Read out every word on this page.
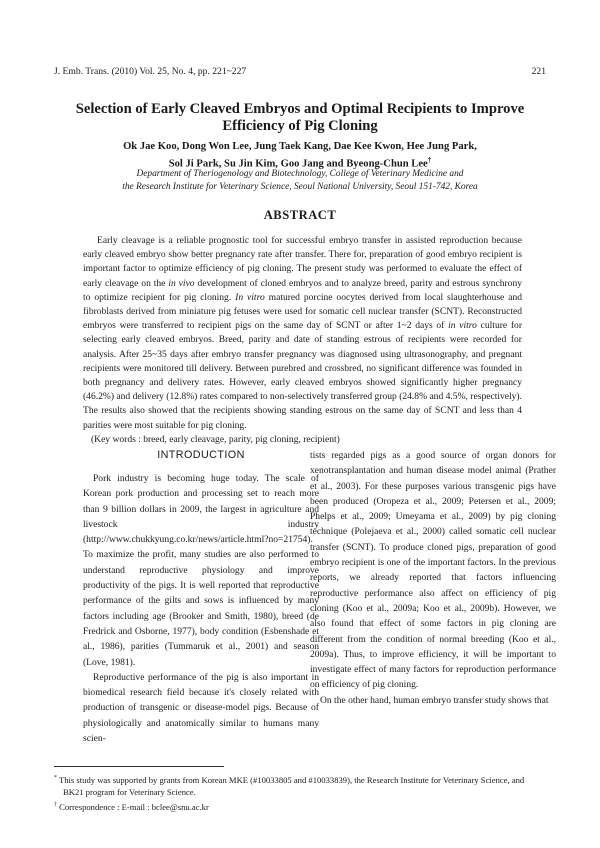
J. Emb. Trans. (2010) Vol. 25, No. 4, pp. 221~227	221
Selection of Early Cleaved Embryos and Optimal Recipients to Improve
Efficiency of Pig Cloning
Ok Jae Koo, Dong Won Lee, Jung Taek Kang, Dae Kee Kwon, Hee Jung Park,
Sol Ji Park, Su Jin Kim, Goo Jang and Byeong-Chun Lee†
Department of Theriogenology and Biotechnology, College of Veterinary Medicine and
the Research Institute for Veterinary Science, Seoul National University, Seoul 151-742, Korea
ABSTRACT

Early cleavage is a reliable prognostic tool for successful embryo transfer in assisted reproduction because early cleaved embryo show better pregnancy rate after transfer. There for, preparation of good embryo recipient is important factor to optimize efficiency of pig cloning. The present study was performed to evaluate the effect of early cleavage on the in vivo development of cloned embryos and to analyze breed, parity and estrous synchrony to optimize recipient for pig cloning. In vitro matured porcine oocytes derived from local slaughterhouse and fibroblasts derived from miniature pig fetuses were used for somatic cell nuclear transfer (SCNT). Reconstructed embryos were transferred to recipient pigs on the same day of SCNT or after 1~2 days of in vitro culture for selecting early cleaved embryos. Breed, parity and date of standing estrous of recipients were recorded for analysis. After 25~35 days after embryo transfer pregnancy was diagnosed using ultrasonography, and pregnant recipients were monitored till delivery. Between purebred and crossbred, no significant difference was founded in both pregnancy and delivery rates. However, early cleaved embryos showed significantly higher pregnancy (46.2%) and delivery (12.8%) rates compared to non-selectively transferred group (24.8% and 4.5%, respectively). The results also showed that the recipients showing standing estrous on the same day of SCNT and less than 4 parities were most suitable for pig cloning.

(Key words : breed, early cleavage, parity, pig cloning, recipient)

INTRODUCTION

Pork industry is becoming huge today. The scale of Korean pork production and processing set to reach more than 9 billion dollars in 2009, the largest in agriculture and livestock industry (http://www.chukkyung.co.kr/news/article.html?no=21754). To maximize the profit, many studies are also performed to understand reproductive physiology and improve productivity of the pigs. It is well reported that reproductive performance of the gilts and sows is influenced by many factors including age (Brooker and Smith, 1980), breed (de Fredrick and Osborne, 1977), body condition (Esbenshade et al., 1986), parities (Tummaruk et al., 2001) and season (Love, 1981).

Reproductive performance of the pig is also important in biomedical research field because it's closely related with production of transgenic or disease-model pigs. Because of physiologically and anatomically similar to humans many scien-

tists regarded pigs as a good source of organ donors for xenotransplantation and human disease model animal (Prather et al., 2003). For these purposes various transgenic pigs have been produced (Oropeza et al., 2009; Petersen et al., 2009; Phelps et al., 2009; Umeyama et al., 2009) by pig cloning technique (Polejaeva et al., 2000) called somatic cell nuclear transfer (SCNT). To produce cloned pigs, preparation of good embryo recipient is one of the important factors. In the previous reports, we already reported that factors influencing reproductive performance also affect on efficiency of pig cloning (Koo et al., 2009a; Koo et al., 2009b). However, we also found that effect of some factors in pig cloning are different from the condition of normal breeding (Koo et al., 2009a). Thus, to improve efficiency, it will be important to investigate effect of many factors for reproduction performance on efficiency of pig cloning.

On the other hand, human embryo transfer study shows that

* This study was supported by grants from Korean MKE (#10033805 and #10033839), the Research Institute for Veterinary Science, and BK21 program for Veterinary Science.

† Correspondence : E-mail : bclee@snu.ac.kr
